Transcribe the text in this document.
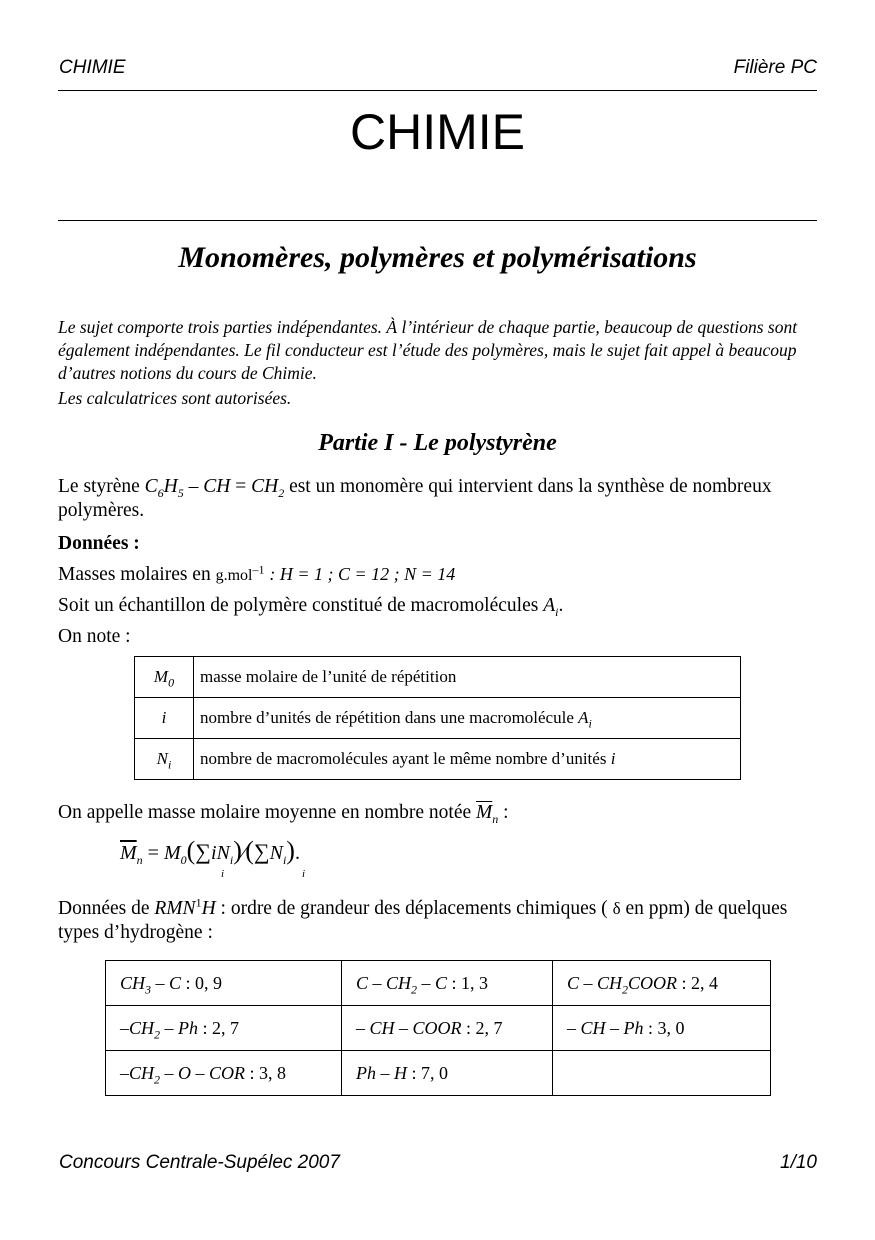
CHIMIE	Filière PC
CHIMIE
Monomères, polymères et polymérisations
Le sujet comporte trois parties indépendantes. À l’intérieur de chaque partie, beaucoup de questions sont également indépendantes. Le fil conducteur est l’étude des polymères, mais le sujet fait appel à beaucoup d’autres notions du cours de Chimie.
Les calculatrices sont autorisées.
Partie I - Le polystyrène
Le styrène $C_6H_5$ – CH = $CH_2$ est un monomère qui intervient dans la synthèse de nombreux polymères.
Données :
Masses molaires en g.mol$^{-1}$ : H = 1 ; C = 12 ; N = 14
Soit un échantillon de polymère constitué de macromolécules $A_i$.
On note :
$M_0$	masse molaire de l’unité de répétition
i	nombre d’unités de répétition dans une macromolécule $A_i$
$N_i$	nombre de macromolécules ayant le même nombre d’unités i
On appelle masse molaire moyenne en nombre notée $\overline{M}_n$ :
$\overline{M}_n$ = $M_0(\sum iN_i)⁄(\sum N_i)$.
i	i
Données de RMN$^1$H : ordre de grandeur des déplacements chimiques ( δ en ppm) de quelques types d’hydrogène :
$CH_3$ – C : 0, 9	C – $CH_2$ – C : 1, 3	C – $CH_2COOR$ : 2, 4
$-CH_2$ – Ph : 2, 7	– CH – COOR : 2, 7	– CH – Ph : 3, 0
$-CH_2$ – O – COR : 3, 8	Ph – H : 7, 0	
Concours Centrale-Supélec 2007	1/10
